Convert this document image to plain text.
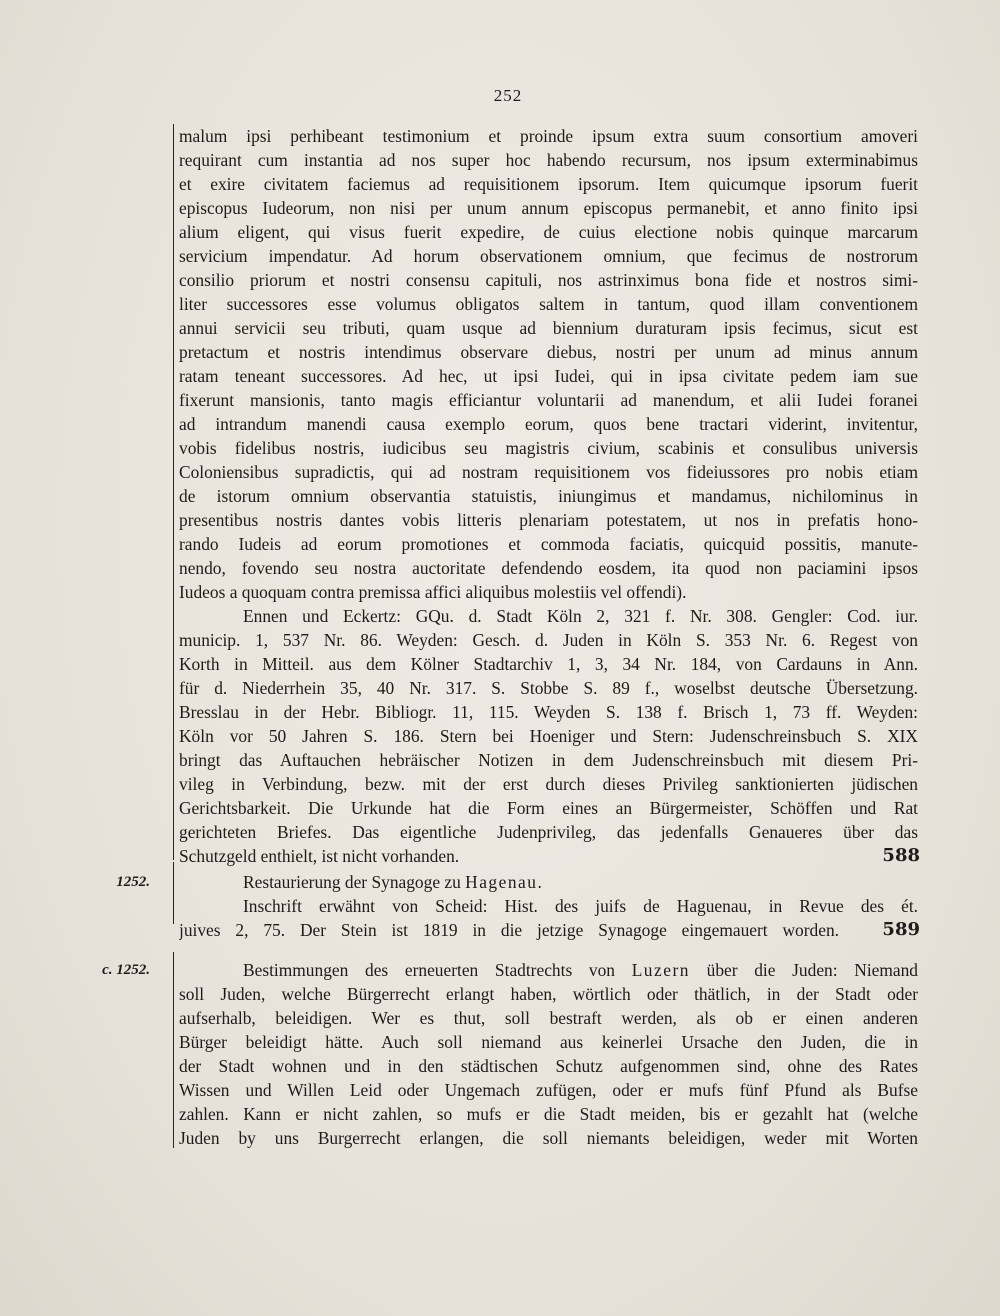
252
malum ipsi perhibeant testimonium et proinde ipsum extra suum consortium amoveri
requirant cum instantia ad nos super hoc habendo recursum, nos ipsum exterminabimus
et exire civitatem faciemus ad requisitionem ipsorum. Item quicumque ipsorum fuerit
episcopus Iudeorum, non nisi per unum annum episcopus permanebit, et anno finito ipsi
alium eligent, qui visus fuerit expedire, de cuius electione nobis quinque marcarum
servicium impendatur. Ad horum observationem omnium, que fecimus de nostrorum
consilio priorum et nostri consensu capituli, nos astrinximus bona fide et nostros simi-
liter successores esse volumus obligatos saltem in tantum, quod illam conventionem
annui servicii seu tributi, quam usque ad biennium duraturam ipsis fecimus, sicut est
pretactum et nostris intendimus observare diebus, nostri per unum ad minus annum
ratam teneant successores. Ad hec, ut ipsi Iudei, qui in ipsa civitate pedem iam sue
fixerunt mansionis, tanto magis efficiantur voluntarii ad manendum, et alii Iudei foranei
ad intrandum manendi causa exemplo eorum, quos bene tractari viderint, invitentur,
vobis fidelibus nostris, iudicibus seu magistris civium, scabinis et consulibus universis
Coloniensibus supradictis, qui ad nostram requisitionem vos fideiussores pro nobis etiam
de istorum omnium observantia statuistis, iniungimus et mandamus, nichilominus in
presentibus nostris dantes vobis litteris plenariam potestatem, ut nos in prefatis hono-
rando Iudeis ad eorum promotiones et commoda faciatis, quicquid possitis, manute-
nendo, fovendo seu nostra auctoritate defendendo eosdem, ita quod non paciamini ipsos
Iudeos a quoquam contra premissa affici aliquibus molestiis vel offendi).
Ennen und Eckertz: GQu. d. Stadt Köln 2, 321 f. Nr. 308. Gengler: Cod. iur.
municip. 1, 537 Nr. 86. Weyden: Gesch. d. Juden in Köln S. 353 Nr. 6. Regest von
Korth in Mitteil. aus dem Kölner Stadtarchiv 1, 3, 34 Nr. 184, von Cardauns in Ann.
für d. Niederrhein 35, 40 Nr. 317. S. Stobbe S. 89 f., woselbst deutsche Übersetzung.
Bresslau in der Hebr. Bibliogr. 11, 115. Weyden S. 138 f. Brisch 1, 73 ff. Weyden:
Köln vor 50 Jahren S. 186. Stern bei Hoeniger und Stern: Judenschreinsbuch S. XIX
bringt das Auftauchen hebräischer Notizen in dem Judenschreinsbuch mit diesem Pri-
vileg in Verbindung, bezw. mit der erst durch dieses Privileg sanktionierten jüdischen
Gerichtsbarkeit. Die Urkunde hat die Form eines an Bürgermeister, Schöffen und Rat
gerichteten Briefes. Das eigentliche Judenprivileg, das jedenfalls Genaueres über das
Schutzgeld enthielt, ist nicht vorhanden.	588
1252.	Restaurierung der Synagoge zu Hagenau.
Inschrift erwähnt von Scheid: Hist. des juifs de Haguenau, in Revue des ét.
juives 2, 75. Der Stein ist 1819 in die jetzige Synagoge eingemauert worden. 589
c. 1252.	Bestimmungen des erneuerten Stadtrechts von Luzern über die Juden: Niemand
soll Juden, welche Bürgerrecht erlangt haben, wörtlich oder thätlich, in der Stadt oder
aufserhalb, beleidigen. Wer es thut, soll bestraft werden, als ob er einen anderen
Bürger beleidigt hätte. Auch soll niemand aus keinerlei Ursache den Juden, die in
der Stadt wohnen und in den städtischen Schutz aufgenommen sind, ohne des Rates
Wissen und Willen Leid oder Ungemach zufügen, oder er mufs fünf Pfund als Bufse
zahlen. Kann er nicht zahlen, so mufs er die Stadt meiden, bis er gezahlt hat (welche
Juden by uns Burgerrecht erlangen, die soll niemants beleidigen, weder mit Worten
